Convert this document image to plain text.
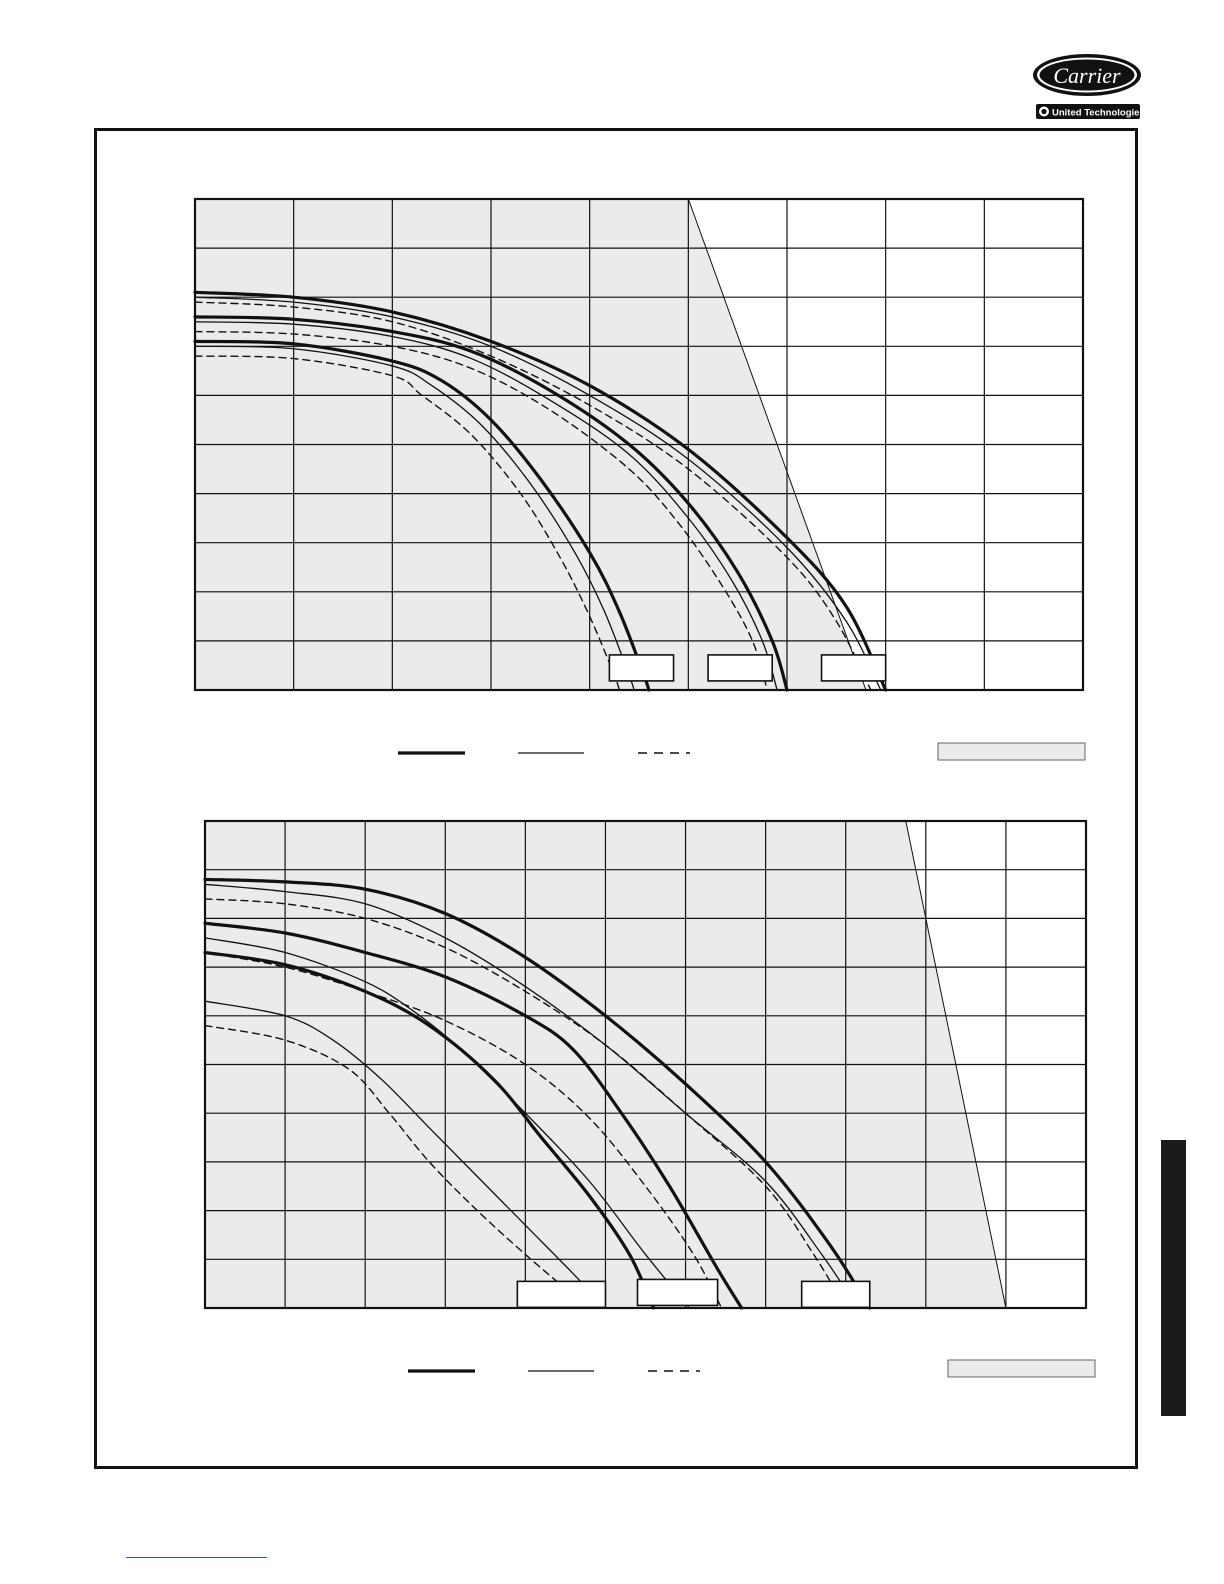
Carrier
United Technologies
